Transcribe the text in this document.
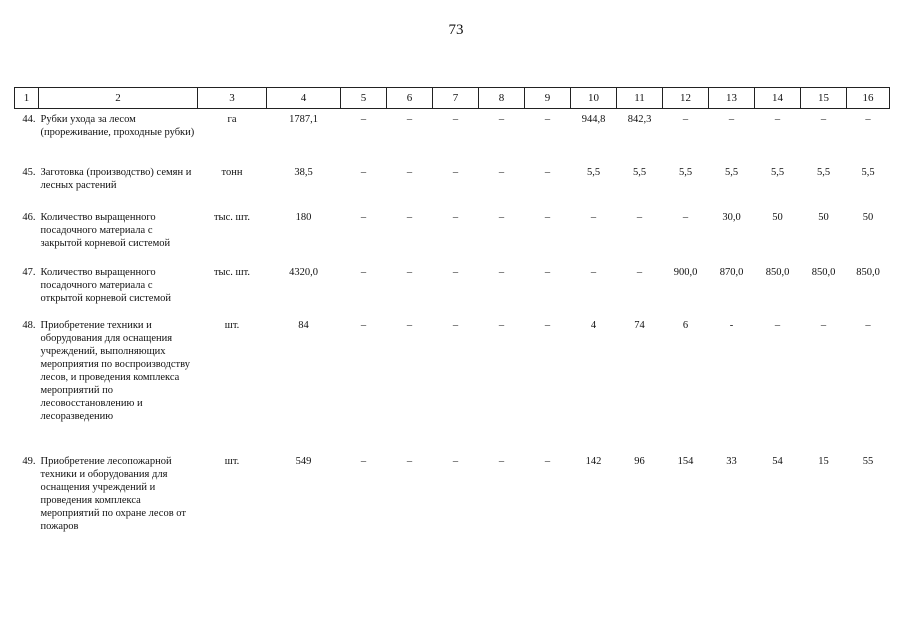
73
1	2	3	4	5	6	7	8	9	10	11	12	13	14	15	16
44.	Рубки ухода за лесом (прореживание, проходные рубки)	га	1787,1	–	–	–	–	–	944,8	842,3	–	–	–	–	–
45.	Заготовка (производство) семян и лесных растений	тонн	38,5	–	–	–	–	–	5,5	5,5	5,5	5,5	5,5	5,5	5,5
46.	Количество выращенного посадочного материала с закрытой корневой системой	тыс. шт.	180	–	–	–	–	–	–	–	–	30,0	50	50	50
47.	Количество выращенного посадочного материала с открытой корневой системой	тыс. шт.	4320,0	–	–	–	–	–	–	–	900,0	870,0	850,0	850,0	850,0
48.	Приобретение техники и оборудования для оснащения учреждений, выполняющих мероприятия по воспроизводству лесов, и проведения комплекса мероприятий по лесовосстановлению и лесоразведению	шт.	84	–	–	–	–	–	4	74	6	-	–	–	–
49.	Приобретение лесопожарной техники и оборудования для оснащения учреждений и проведения комплекса мероприятий по охране лесов от пожаров	шт.	549	–	–	–	–	–	142	96	154	33	54	15	55
